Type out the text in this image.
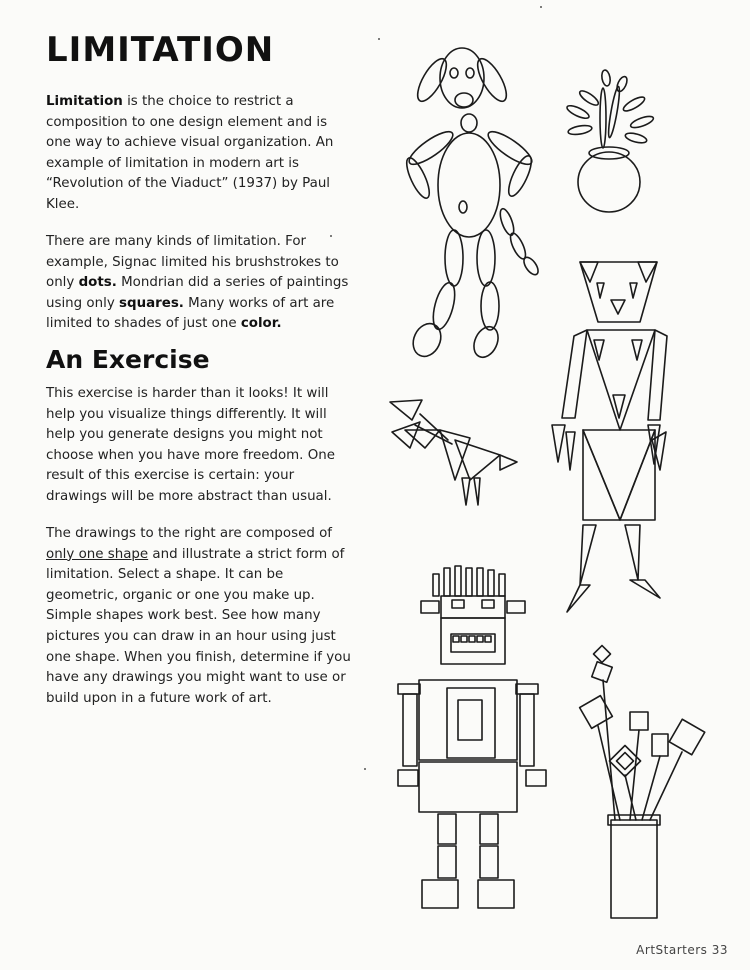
LIMITATION

Limitation is the choice to restrict a composition to one design element and is one way to achieve visual organization. An example of limitation in modern art is “Revolution of the Viaduct” (1937) by Paul Klee.

There are many kinds of limitation. For example, Signac limited his brushstrokes to only dots. Mondrian did a series of paintings using only squares. Many works of art are limited to shades of just one color.

An Exercise

This exercise is harder than it looks! It will help you visualize things differently. It will help you generate designs you might not choose when you have more freedom. One result of this exercise is certain: your drawings will be more abstract than usual.

The drawings to the right are composed of only one shape and illustrate a strict form of limitation. Select a shape. It can be geometric, organic or one you make up. Simple shapes work best. See how many pictures you can draw in an hour using just one shape. When you finish, determine if you have any drawings you might want to use or build upon in a future work of art.

ArtStarters 33
